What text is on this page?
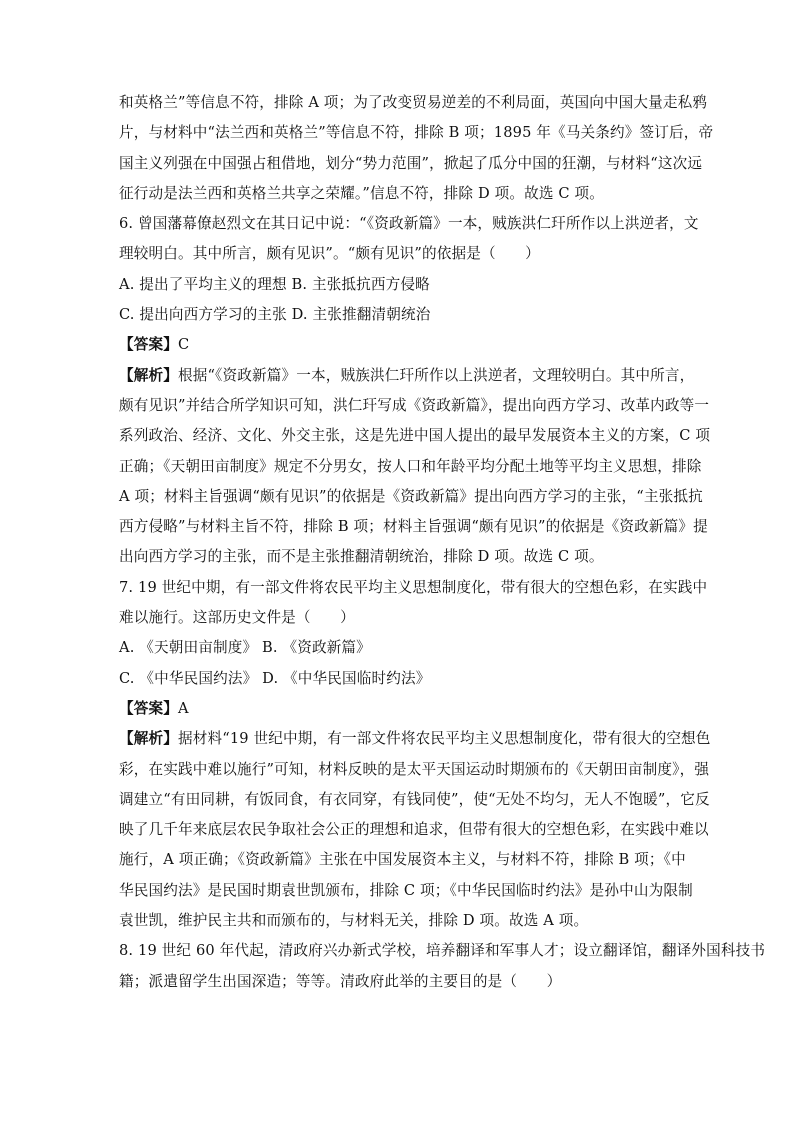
和英格兰”等信息不符，排除 A 项；为了改变贸易逆差的不利局面，英国向中国大量走私鸦
片，与材料中“法兰西和英格兰”等信息不符，排除 B 项；1895 年《马关条约》签订后，帝
国主义列强在中国强占租借地，划分“势力范围”，掀起了瓜分中国的狂潮，与材料“这次远
征行动是法兰西和英格兰共享之荣耀。”信息不符，排除 D 项。故选 C 项。
6. 曾国藩幕僚赵烈文在其日记中说：“《资政新篇》一本，贼族洪仁玕所作以上洪逆者，文
理较明白。其中所言，颇有见识”。“颇有见识”的依据是（　　）
A. 提出了平均主义的理想 B. 主张抵抗西方侵略
C. 提出向西方学习的主张 D. 主张推翻清朝统治
【答案】C
【解析】根据“《资政新篇》一本，贼族洪仁玕所作以上洪逆者，文理较明白。其中所言，
颇有见识”并结合所学知识可知，洪仁玕写成《资政新篇》，提出向西方学习、改革内政等一
系列政治、经济、文化、外交主张，这是先进中国人提出的最早发展资本主义的方案，C 项
正确；《天朝田亩制度》规定不分男女，按人口和年龄平均分配土地等平均主义思想，排除
A 项；材料主旨强调“颇有见识”的依据是《资政新篇》提出向西方学习的主张，“主张抵抗
西方侵略”与材料主旨不符，排除 B 项；材料主旨强调“颇有见识”的依据是《资政新篇》提
出向西方学习的主张，而不是主张推翻清朝统治，排除 D 项。故选 C 项。
7. 19 世纪中期，有一部文件将农民平均主义思想制度化，带有很大的空想色彩，在实践中
难以施行。这部历史文件是（　　）
A. 《天朝田亩制度》 B. 《资政新篇》
C. 《中华民国约法》 D. 《中华民国临时约法》
【答案】A
【解析】据材料“19 世纪中期，有一部文件将农民平均主义思想制度化，带有很大的空想色
彩，在实践中难以施行”可知，材料反映的是太平天国运动时期颁布的《天朝田亩制度》，强
调建立“有田同耕，有饭同食，有衣同穿，有钱同使”，使“无处不均匀，无人不饱暖”，它反
映了几千年来底层农民争取社会公正的理想和追求，但带有很大的空想色彩，在实践中难以
施行，A 项正确；《资政新篇》主张在中国发展资本主义，与材料不符，排除 B 项；《中
华民国约法》是民国时期袁世凯颁布，排除 C 项；《中华民国临时约法》是孙中山为限制
袁世凯，维护民主共和而颁布的，与材料无关，排除 D 项。故选 A 项。
8. 19 世纪 60 年代起，清政府兴办新式学校，培养翻译和军事人才；设立翻译馆，翻译外国科技书
籍；派遣留学生出国深造；等等。清政府此举的主要目的是（　　）
